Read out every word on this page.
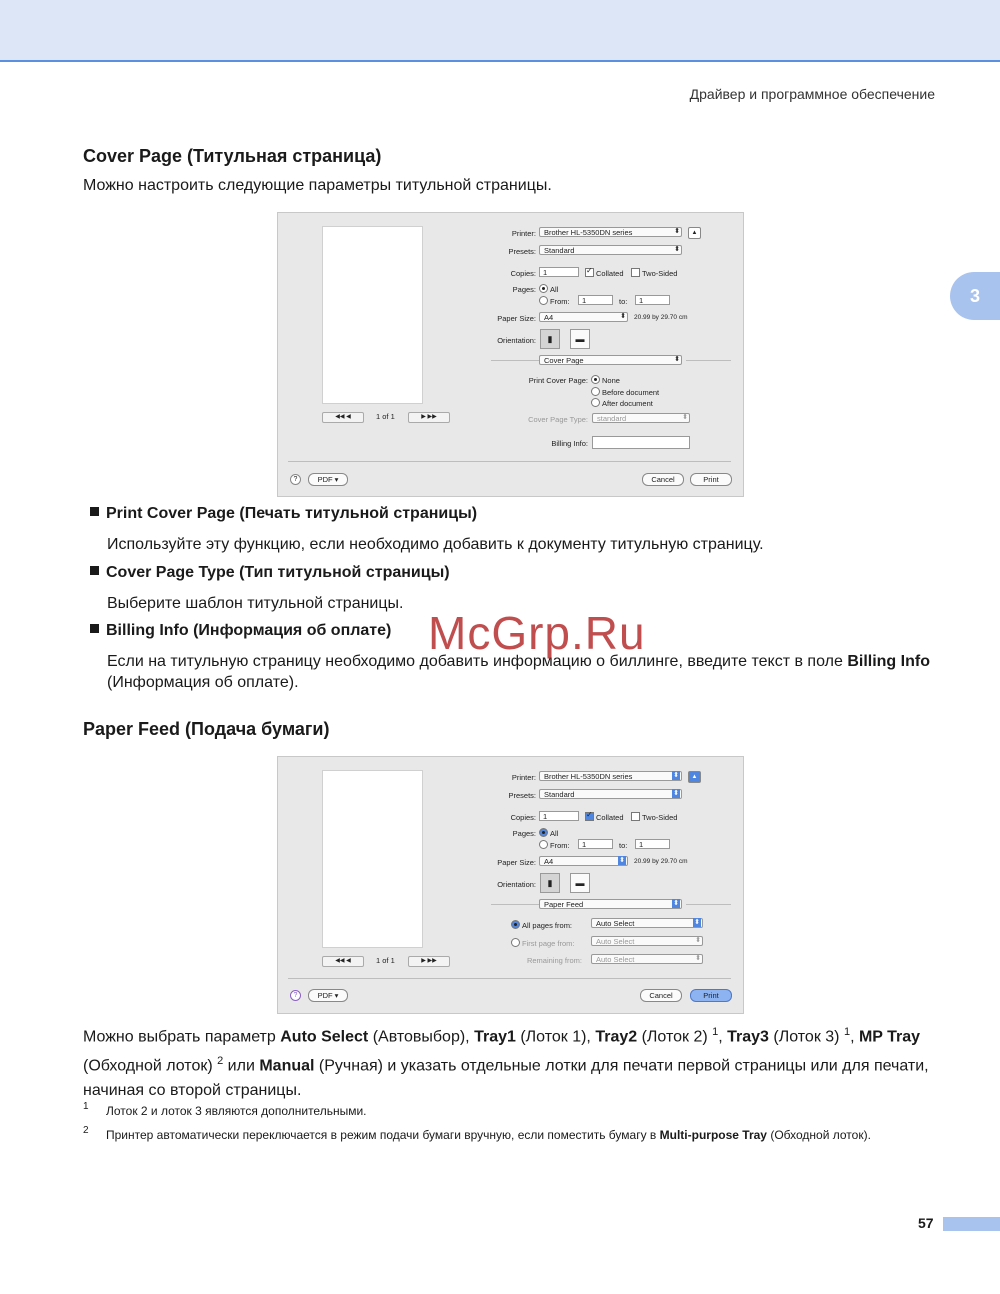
Драйвер и программное обеспечение
3
Cover Page (Титульная страница)

Можно настроить следующие параметры титульной страницы.

◀◀ ◀	1 of 1	▶ ▶▶
Printer:	Brother HL-5350DN series ⬍	▲
Presets:	Standard ⬍
Copies: 1 ✓	Collated	Two-Sided
Pages:	All
From:	1	to:	1
Paper Size:	A4 ⬍	20.99 by 29.70 cm
Orientation:	▮	▬
Cover Page ⬍
Print Cover Page:	None
Before document
After document
Cover Page Type:	standard ⬍
Billing Info:
?	PDF ▾	Cancel	Print

Print Cover Page (Печать титульной страницы)

Используйте эту функцию, если необходимо добавить к документу титульную страницу.

Cover Page Type (Тип титульной страницы)

Выберите шаблон титульной страницы.

Billing Info (Информация об оплате)

Если на титульную страницу необходимо добавить информацию о биллинге, введите текст в поле Billing Info (Информация об оплате).

McGrp.Ru
Paper Feed (Подача бумаги)
◀◀ ◀	1 of 1	▶ ▶▶
Printer:	Brother HL-5350DN series ⬍	▲
Presets:	Standard ⬍
Copies: 1 ✓	Collated	Two-Sided
Pages:	All
From:	1	to:	1
Paper Size:	A4 ⬍	20.99 by 29.70 cm
Orientation:	▮	▬
Paper Feed ⬍
All pages from:	Auto Select ⬍
First page from:	Auto Select ⬍
Remaining from:	Auto Select ⬍
?	PDF ▾	Cancel	Print

Можно выбрать параметр Auto Select (Автовыбор), Tray1 (Лоток 1), Tray2 (Лоток 2) $^1$, Tray3 (Лоток 3) $^1$, MP Tray (Обходной лоток) $^2$ или Manual (Ручная) и указать отдельные лотки для печати первой страницы или для печати, начиная со второй страницы.

1 Лоток 2 и лоток 3 являются дополнительными.
2 Принтер автоматически переключается в режим подачи бумаги вручную, если поместить бумагу в Multi-purpose Tray (Обходной лоток).
57
